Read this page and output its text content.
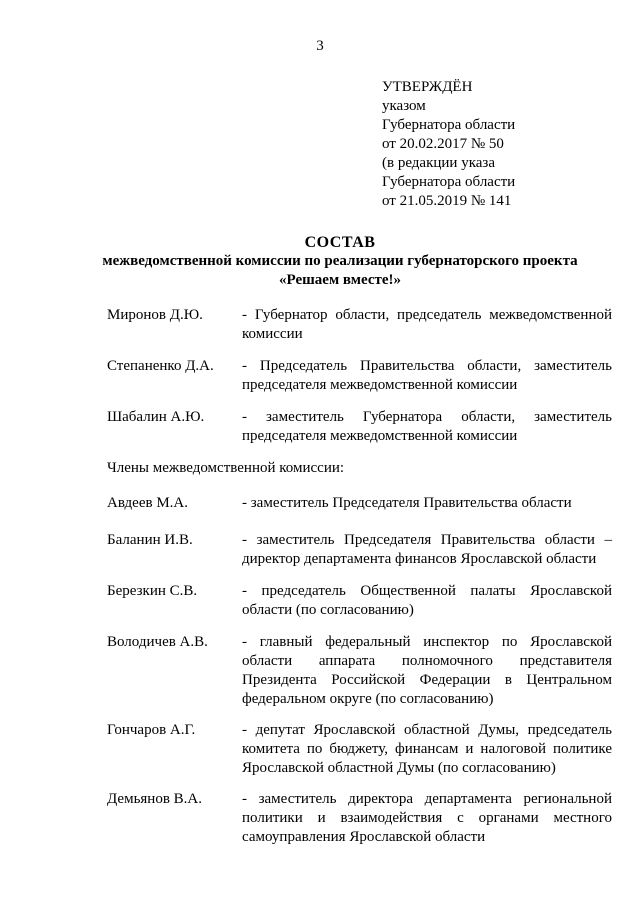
3
УТВЕРЖДЁН
указом
Губернатора области
от 20.02.2017 № 50
(в редакции указа
Губернатора области
от 21.05.2019 № 141
СОСТАВ
межведомственной комиссии по реализации губернаторского проекта
«Решаем вместе!»
Миронов Д.Ю.	- Губернатор области, председатель межведомственной комиссии
Степаненко Д.А. - Председатель Правительства области, заместитель председателя межведомственной комиссии
Шабалин А.Ю.	- заместитель Губернатора области, заместитель председателя межведомственной комиссии
Члены межведомственной комиссии:
Авдеев М.А.	- заместитель Председателя Правительства области
Баланин И.В.	- заместитель Председателя Правительства области – директор департамента финансов Ярославской области
Березкин С.В.	- председатель Общественной палаты Ярославской области (по согласованию)
Володичев А.В. - главный федеральный инспектор по Ярославской области аппарата полномочного представителя Президента Российской Федерации в Центральном федеральном округе (по согласованию)
Гончаров А.Г.	- депутат Ярославской областной Думы, председатель комитета по бюджету, финансам и налоговой политике Ярославской областной Думы (по согласованию)
Демьянов В.А.	- заместитель директора департамента региональной политики и взаимодействия с органами местного самоуправления Ярославской области
